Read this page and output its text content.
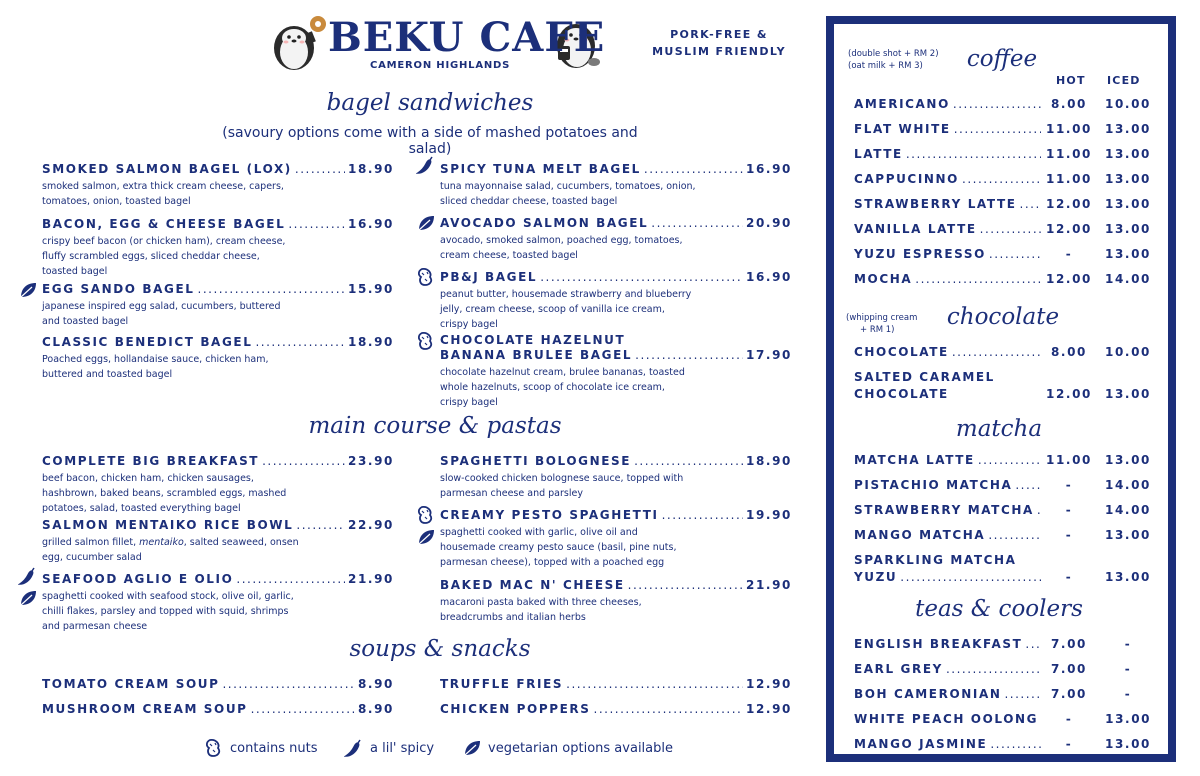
BEKU CAFE
CAMERON HIGHLANDS
PORK-FREE &
MUSLIM FRIENDLY
bagel sandwiches
(savoury options come with a side of mashed potatoes and salad)
SMOKED SALMON BAGEL (LOX) .....	18.90
smoked salmon, extra thick cream cheese, capers,
tomatoes, onion, toasted bagel
BACON, EGG & CHEESE BAGEL .....	16.90
crispy beef bacon (or chicken ham), cream cheese,
fluffy scrambled eggs, sliced cheddar cheese,
toasted bagel
EGG SANDO BAGEL .....	15.90
japanese inspired egg salad, cucumbers, buttered
and toasted bagel
CLASSIC BENEDICT BAGEL .....	18.90
Poached eggs, hollandaise sauce, chicken ham,
buttered and toasted bagel
SPICY TUNA MELT BAGEL .....	16.90
tuna mayonnaise salad, cucumbers, tomatoes, onion,
sliced cheddar cheese, toasted bagel
AVOCADO SALMON BAGEL .....	20.90
avocado, smoked salmon, poached egg, tomatoes,
cream cheese, toasted bagel
PB&J BAGEL .....	16.90
peanut butter, housemade strawberry and blueberry
jelly, cream cheese, scoop of vanilla ice cream,
crispy bagel
CHOCOLATE HAZELNUT
BANANA BRULEE BAGEL .....	17.90
chocolate hazelnut cream, brulee bananas, toasted
whole hazelnuts, scoop of chocolate ice cream,
crispy bagel
main course & pastas
COMPLETE BIG BREAKFAST .....	23.90
beef bacon, chicken ham, chicken sausages,
hashbrown, baked beans, scrambled eggs, mashed
potatoes, salad, toasted everything bagel
SALMON MENTAIKO RICE BOWL .....	22.90
grilled salmon fillet, mentaiko, salted seaweed, onsen
egg, cucumber salad
SEAFOOD AGLIO E OLIO .....	21.90
spaghetti cooked with seafood stock, olive oil, garlic,
chilli flakes, parsley and topped with squid, shrimps
and parmesan cheese
SPAGHETTI BOLOGNESE .....	18.90
slow-cooked chicken bolognese sauce, topped with
parmesan cheese and parsley
CREAMY PESTO SPAGHETTI .....	19.90
spaghetti cooked with garlic, olive oil and
housemade creamy pesto sauce (basil, pine nuts,
parmesan cheese), topped with a poached egg
BAKED MAC N' CHEESE .....	21.90
macaroni pasta baked with three cheeses,
breadcrumbs and italian herbs
soups & snacks
TOMATO CREAM SOUP .....	8.90
MUSHROOM CREAM SOUP .....	8.90
TRUFFLE FRIES .....	12.90
CHICKEN POPPERS .....	12.90
contains nuts	a lil' spicy	vegetarian options available
(double shot + RM 2)
(oat milk + RM 3)	coffee
HOT ICED
AMERICANO .....	8.00	10.00
FLAT WHITE .....	11.00	13.00
LATTE .....	11.00	13.00
CAPPUCINNO .....	11.00	13.00
STRAWBERRY LATTE .....	12.00	13.00
VANILLA LATTE .....	12.00	13.00
YUZU ESPRESSO .....	-	13.00
MOCHA .....	12.00	14.00
(whipping cream
+ RM 1)	chocolate
CHOCOLATE .....	8.00	10.00
SALTED CARAMEL
CHOCOLATE	12.00	13.00
matcha
MATCHA LATTE .....	11.00	13.00
PISTACHIO MATCHA .....	-	14.00
STRAWBERRY MATCHA .....	-	14.00
MANGO MATCHA .....	-	13.00
SPARKLING MATCHA
YUZU .....	-	13.00
teas & coolers
ENGLISH BREAKFAST .....	7.00	-
EARL GREY .....	7.00	-
BOH CAMERONIAN .....	7.00	-
WHITE PEACH OOLONG	-	13.00
MANGO JASMINE .....	-	13.00
